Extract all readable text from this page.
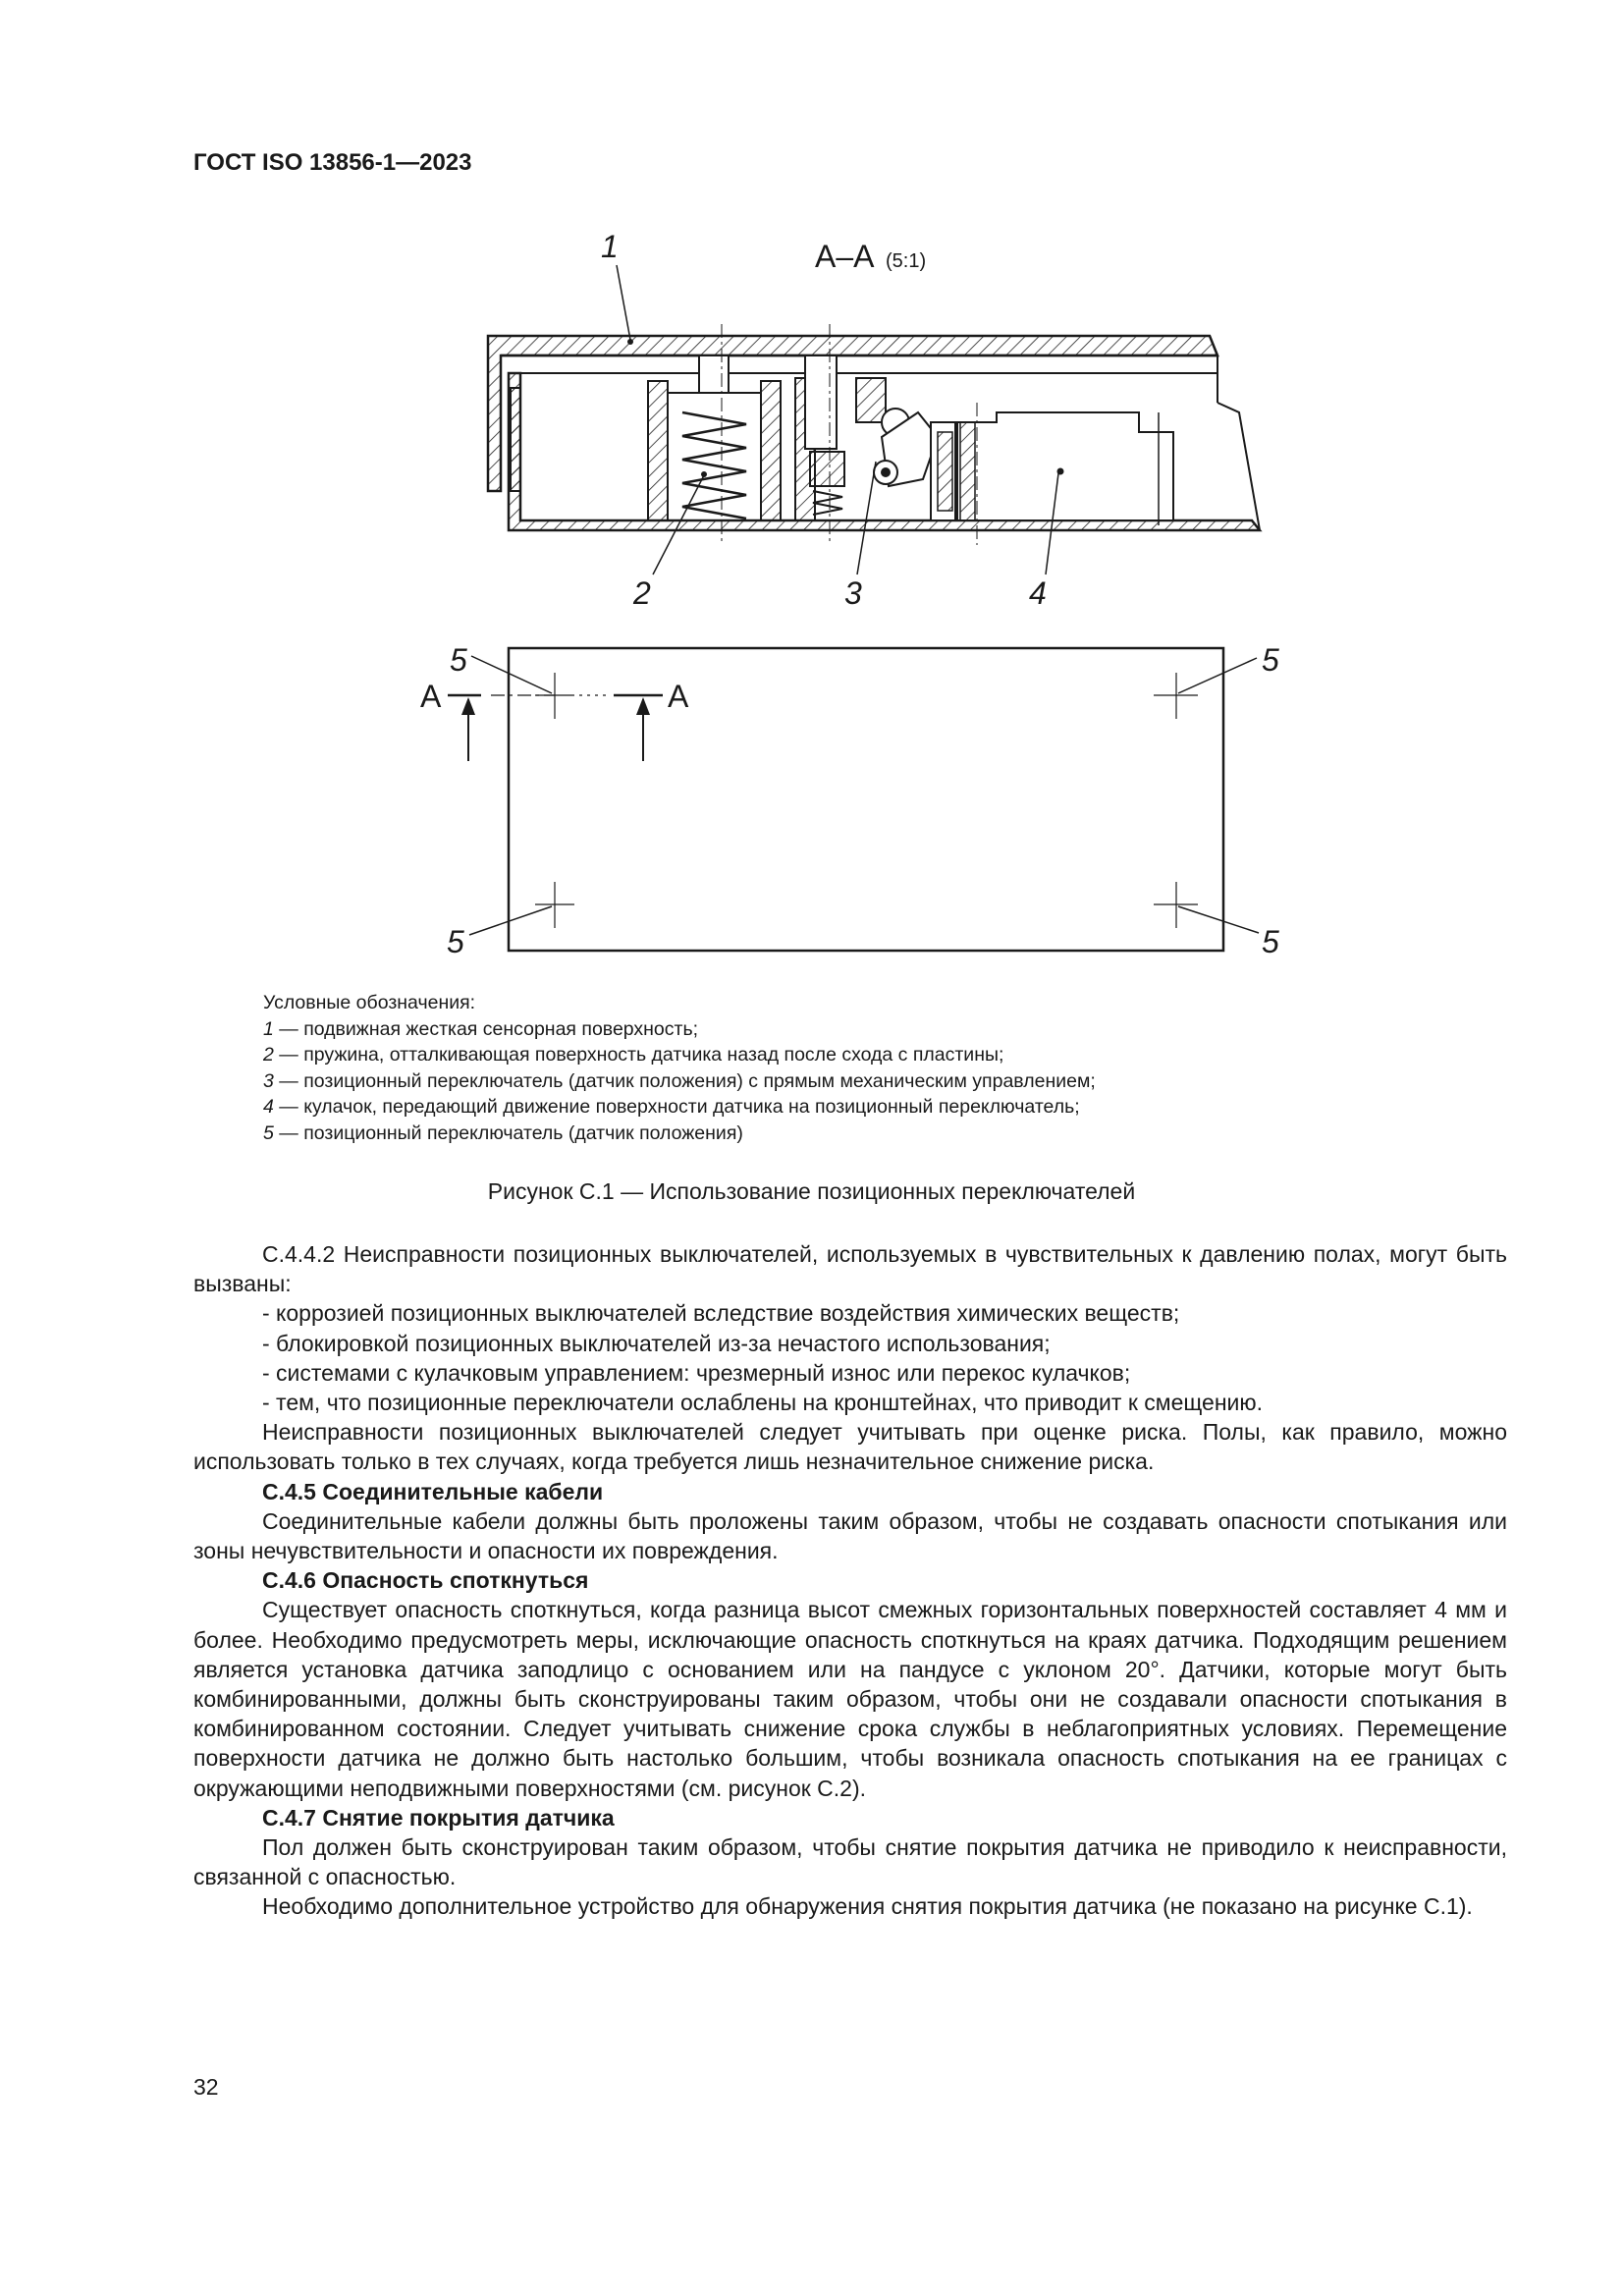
ГОСТ ISO 13856-1—2023
А–А (5:1)
1
2	3	4
5	5
5	5
А	А
Условные обозначения:
1 — подвижная жесткая сенсорная поверхность;
2 — пружина, отталкивающая поверхность датчика назад после схода с пластины;
3 — позиционный переключатель (датчик положения) с прямым механическим управлением;
4 — кулачок, передающий движение поверхности датчика на позиционный переключатель;
5 — позиционный переключатель (датчик положения)
Рисунок С.1 — Использование позиционных переключателей

С.4.4.2 Неисправности позиционных выключателей, используемых в чувствительных к давлению полах, могут быть вызваны:

- коррозией позиционных выключателей вследствие воздействия химических веществ;

- блокировкой позиционных выключателей из-за нечастого использования;

- системами с кулачковым управлением: чрезмерный износ или перекос кулачков;

- тем, что позиционные переключатели ослаблены на кронштейнах, что приводит к смещению.

Неисправности позиционных выключателей следует учитывать при оценке риска. Полы, как правило, можно использовать только в тех случаях, когда требуется лишь незначительное снижение риска.

С.4.5 Соединительные кабели

Соединительные кабели должны быть проложены таким образом, чтобы не создавать опасности спотыкания или зоны нечувствительности и опасности их повреждения.

С.4.6 Опасность споткнуться

Существует опасность споткнуться, когда разница высот смежных горизонтальных поверхностей составляет 4 мм и более. Необходимо предусмотреть меры, исключающие опасность споткнуться на краях датчика. Подходящим решением является установка датчика заподлицо с основанием или на пандусе с уклоном 20°. Датчики, которые могут быть комбинированными, должны быть сконструированы таким образом, чтобы они не создавали опасности спотыкания в комбинированном состоянии. Следует учитывать снижение срока службы в неблагоприятных условиях. Перемещение поверхности датчика не должно быть настолько большим, чтобы возникала опасность спотыкания на ее границах с окружающими неподвижными поверхностями (см. рисунок С.2).

С.4.7 Снятие покрытия датчика

Пол должен быть сконструирован таким образом, чтобы снятие покрытия датчика не приводило к неисправности, связанной с опасностью.

Необходимо дополнительное устройство для обнаружения снятия покрытия датчика (не показано на рисунке С.1).

32
